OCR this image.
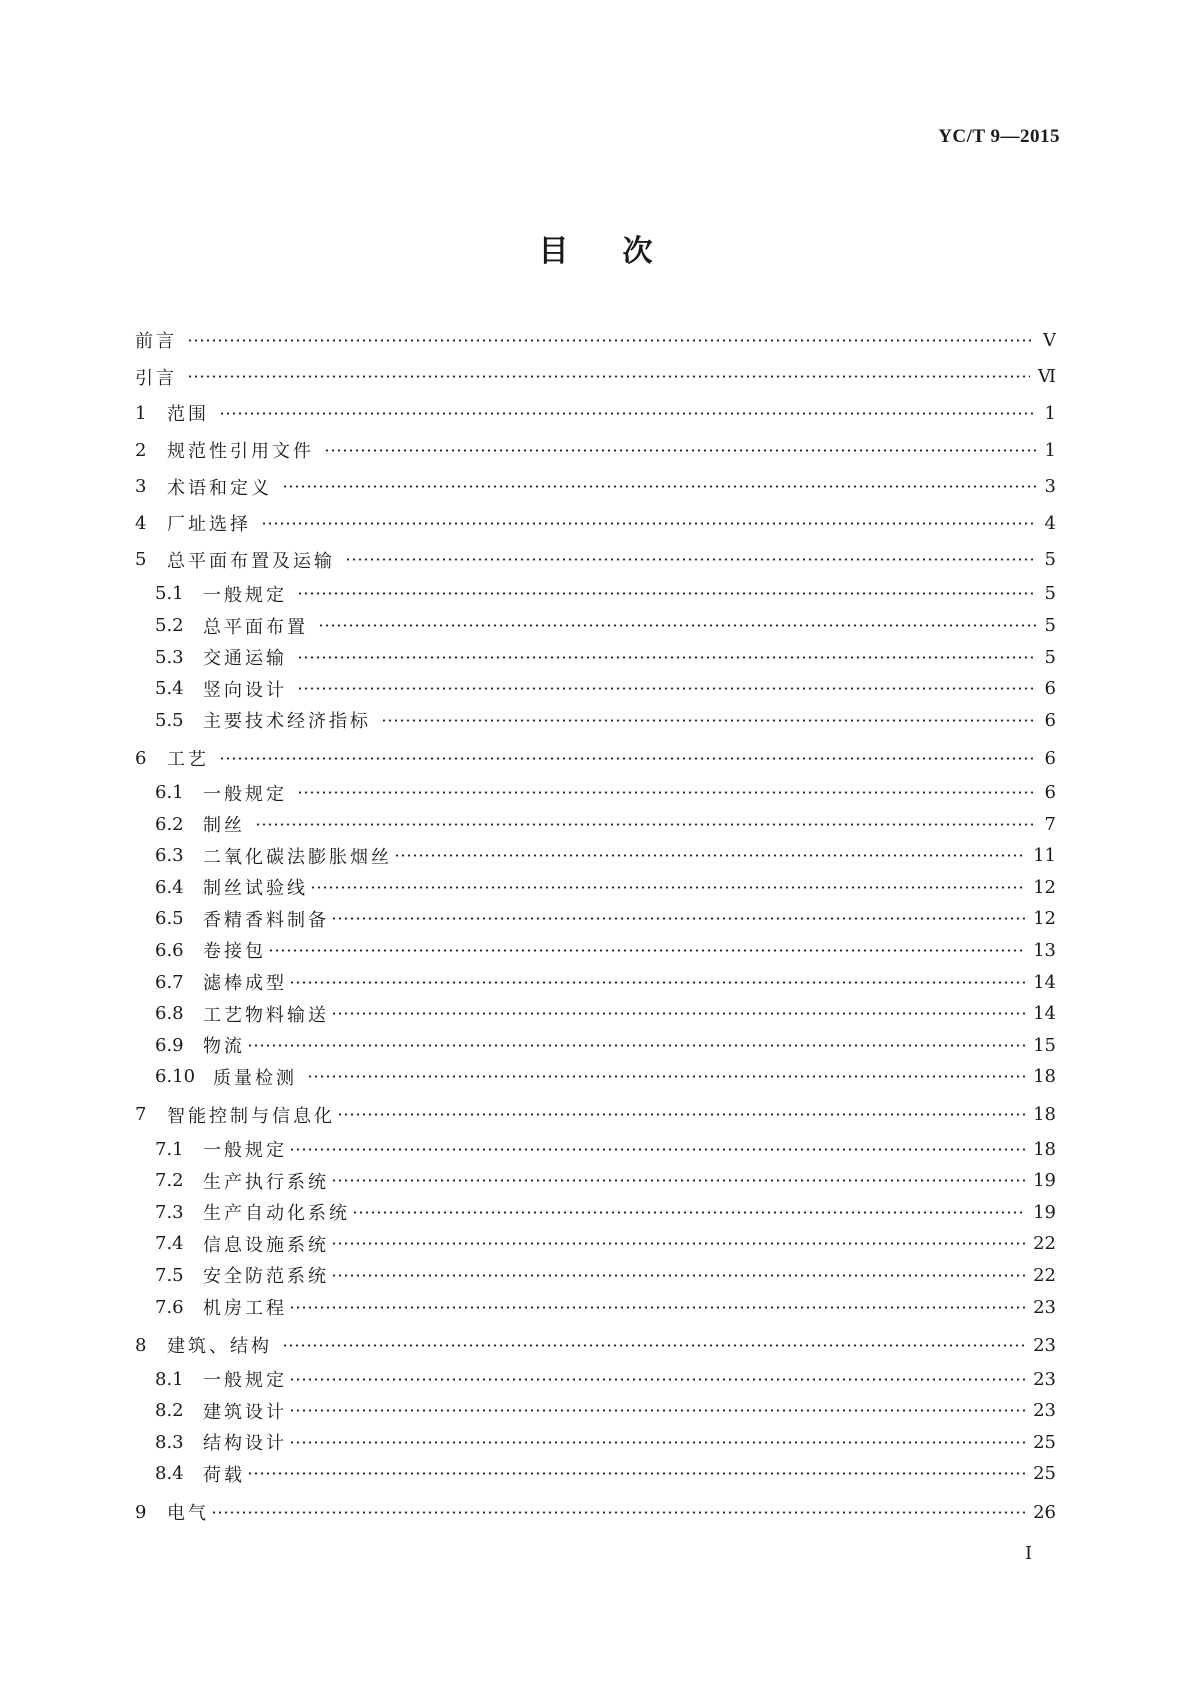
YC/T 9—2015
目次
前言	Ⅴ
引言	Ⅵ
1	范围	1
2	规范性引用文件	1
3	术语和定义	3
4	厂址选择	4
5	总平面布置及运输	5
5.1	一般规定	5
5.2	总平面布置	5
5.3	交通运输	5
5.4	竖向设计	6
5.5	主要技术经济指标	6
6	工艺	6
6.1	一般规定	6
6.2	制丝	7
6.3	二氧化碳法膨胀烟丝	11
6.4	制丝试验线	12
6.5	香精香料制备	12
6.6	卷接包	13
6.7	滤棒成型	14
6.8	工艺物料输送	14
6.9	物流	15
6.10 质量检测	18
7	智能控制与信息化	18
7.1	一般规定	18
7.2	生产执行系统	19
7.3	生产自动化系统	19
7.4	信息设施系统	22
7.5	安全防范系统	22
7.6	机房工程	23
8	建筑、结构	23
8.1	一般规定	23
8.2	建筑设计	23
8.3	结构设计	25
8.4	荷载	25
9	电气	26
I
